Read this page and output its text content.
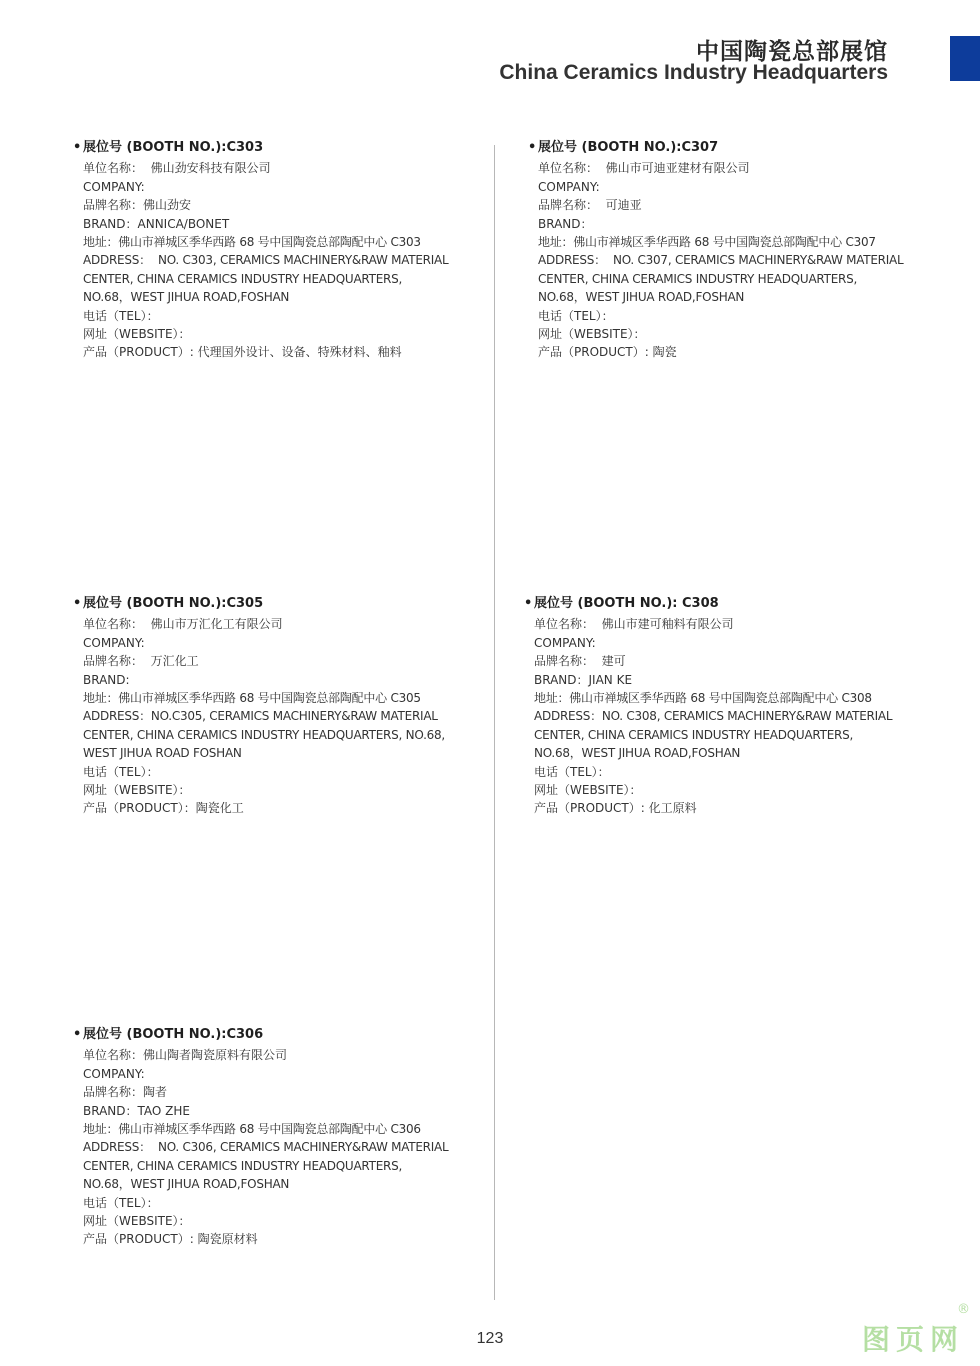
中国陶瓷总部展馆
China Ceramics Industry Headquarters
• 展位号 (BOOTH NO.):C303
单位名称：  佛山劲安科技有限公司
COMPANY:
品牌名称：佛山劲安
BRAND：ANNICA/BONET
地址：佛山市禅城区季华西路 68 号中国陶瓷总部陶配中心 C303
ADDRESS：  NO. C303, CERAMICS MACHINERY&RAW MATERIAL
CENTER, CHINA CERAMICS INDUSTRY HEADQUARTERS,
NO.68，WEST JIHUA ROAD,FOSHAN
电话（TEL）：
网址（WEBSITE）：
产品（PRODUCT）: 代理国外设计、设备、特殊材料、釉料
• 展位号 (BOOTH NO.):C307
单位名称：  佛山市可迪亚建材有限公司
COMPANY:
品牌名称：  可迪亚
BRAND：
地址：佛山市禅城区季华西路 68 号中国陶瓷总部陶配中心 C307
ADDRESS：  NO. C307, CERAMICS MACHINERY&RAW MATERIAL
CENTER, CHINA CERAMICS INDUSTRY HEADQUARTERS,
NO.68，WEST JIHUA ROAD,FOSHAN
电话（TEL）：
网址（WEBSITE）：
产品（PRODUCT）: 陶瓷
• 展位号 (BOOTH NO.):C305
单位名称：  佛山市万汇化工有限公司
COMPANY:
品牌名称：  万汇化工
BRAND:
地址：佛山市禅城区季华西路 68 号中国陶瓷总部陶配中心 C305
ADDRESS：NO.C305, CERAMICS MACHINERY&RAW MATERIAL
CENTER, CHINA CERAMICS INDUSTRY HEADQUARTERS, NO.68,
WEST JIHUA ROAD FOSHAN
电话（TEL）：
网址（WEBSITE）：
产品（PRODUCT）：陶瓷化工
• 展位号 (BOOTH NO.): C308
单位名称：  佛山市建可釉料有限公司
COMPANY:
品牌名称：  建可
BRAND：JIAN KE
地址：佛山市禅城区季华西路 68 号中国陶瓷总部陶配中心 C308
ADDRESS：NO. C308, CERAMICS MACHINERY&RAW MATERIAL
CENTER, CHINA CERAMICS INDUSTRY HEADQUARTERS,
NO.68，WEST JIHUA ROAD,FOSHAN
电话（TEL）：
网址（WEBSITE）：
产品（PRODUCT）: 化工原料
• 展位号 (BOOTH NO.):C306
单位名称：佛山陶者陶瓷原料有限公司
COMPANY:
品牌名称：陶者
BRAND：TAO ZHE
地址：佛山市禅城区季华西路 68 号中国陶瓷总部陶配中心 C306
ADDRESS：  NO. C306, CERAMICS MACHINERY&RAW MATERIAL
CENTER, CHINA CERAMICS INDUSTRY HEADQUARTERS,
NO.68，WEST JIHUA ROAD,FOSHAN
电话（TEL）：
网址（WEBSITE）：
产品（PRODUCT）: 陶瓷原材料
123	图页网
®
